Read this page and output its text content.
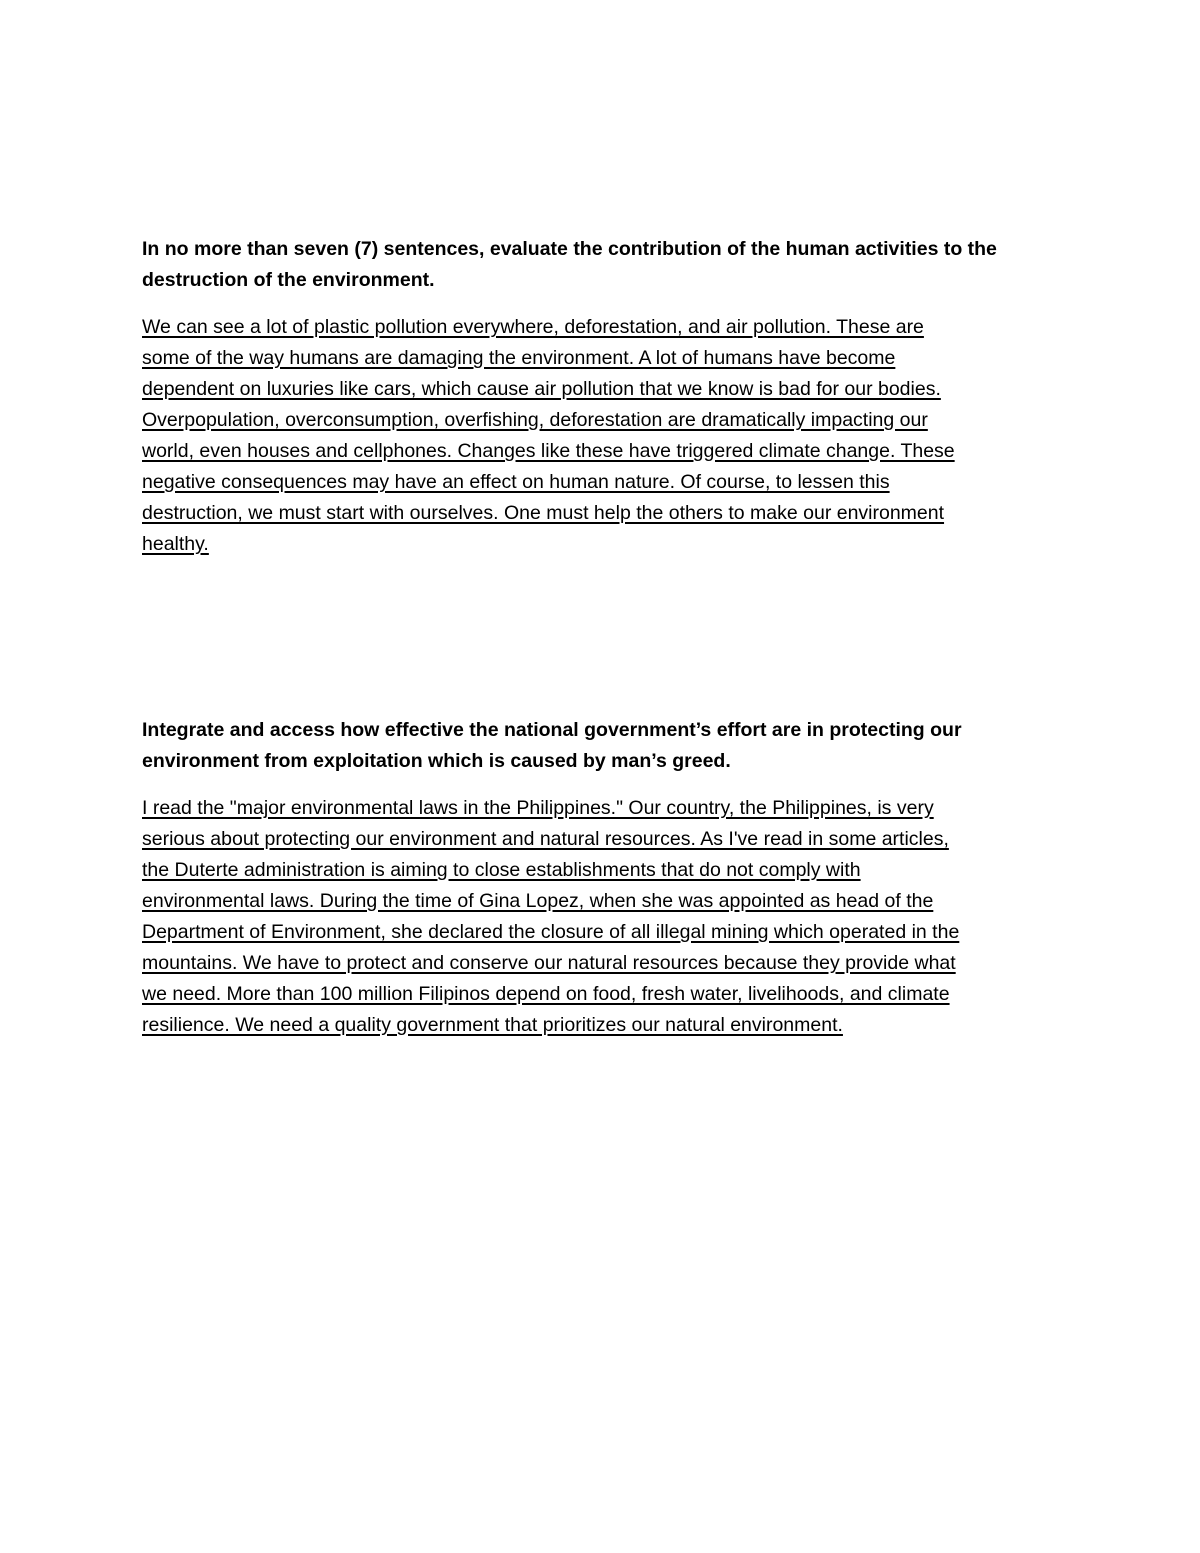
In no more than seven (7) sentences, evaluate the contribution of the human activities to the
destruction of the environment.
We can see a lot of plastic pollution everywhere, deforestation, and air pollution. These are
some of the way humans are damaging the environment. A lot of humans have become
dependent on luxuries like cars, which cause air pollution that we know is bad for our bodies.
Overpopulation, overconsumption, overfishing, deforestation are dramatically impacting our
world, even houses and cellphones. Changes like these have triggered climate change. These
negative consequences may have an effect on human nature. Of course, to lessen this
destruction, we must start with ourselves. One must help the others to make our environment
healthy.
Integrate and access how effective the national government’s effort are in protecting our
environment from exploitation which is caused by man’s greed.
I read the "major environmental laws in the Philippines." Our country, the Philippines, is very
serious about protecting our environment and natural resources. As I've read in some articles,
the Duterte administration is aiming to close establishments that do not comply with
environmental laws. During the time of Gina Lopez, when she was appointed as head of the
Department of Environment, she declared the closure of all illegal mining which operated in the
mountains. We have to protect and conserve our natural resources because they provide what
we need. More than 100 million Filipinos depend on food, fresh water, livelihoods, and climate
resilience. We need a quality government that prioritizes our natural environment.
